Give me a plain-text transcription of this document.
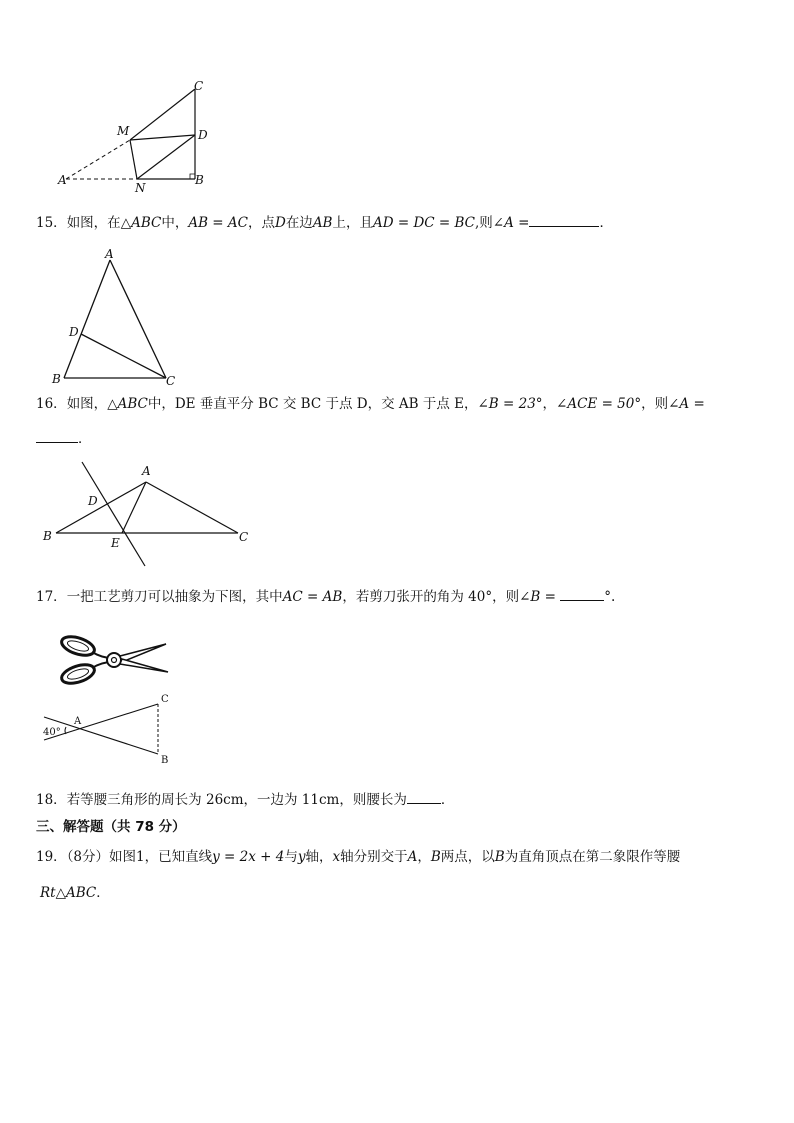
C
M	D
A
N
B
15．如图，在△ABC中，AB = AC，点D在边AB上，且AD = DC = BC,则∠A =	．
A
D
B	C
16．如图，△ABC中，DE 垂直平分 BC 交 BC 于点 D，交 AB 于点 E，∠B = 23°，∠ACE = 50°，则∠A =
．
A
D
B	E	C
17．一把工艺剪刀可以抽象为下图，其中AC = AB，若剪刀张开的角为 40°，则∠B =	°.
40°
A
C
B
18．若等腰三角形的周长为 26cm，一边为 11cm，则腰长为	．
三、解答题（共 78 分）
19．（8分）如图1，已知直线y = 2x + 4与y轴，x轴分别交于A，B两点，以B为直角顶点在第二象限作等腰
Rt△ABC．
